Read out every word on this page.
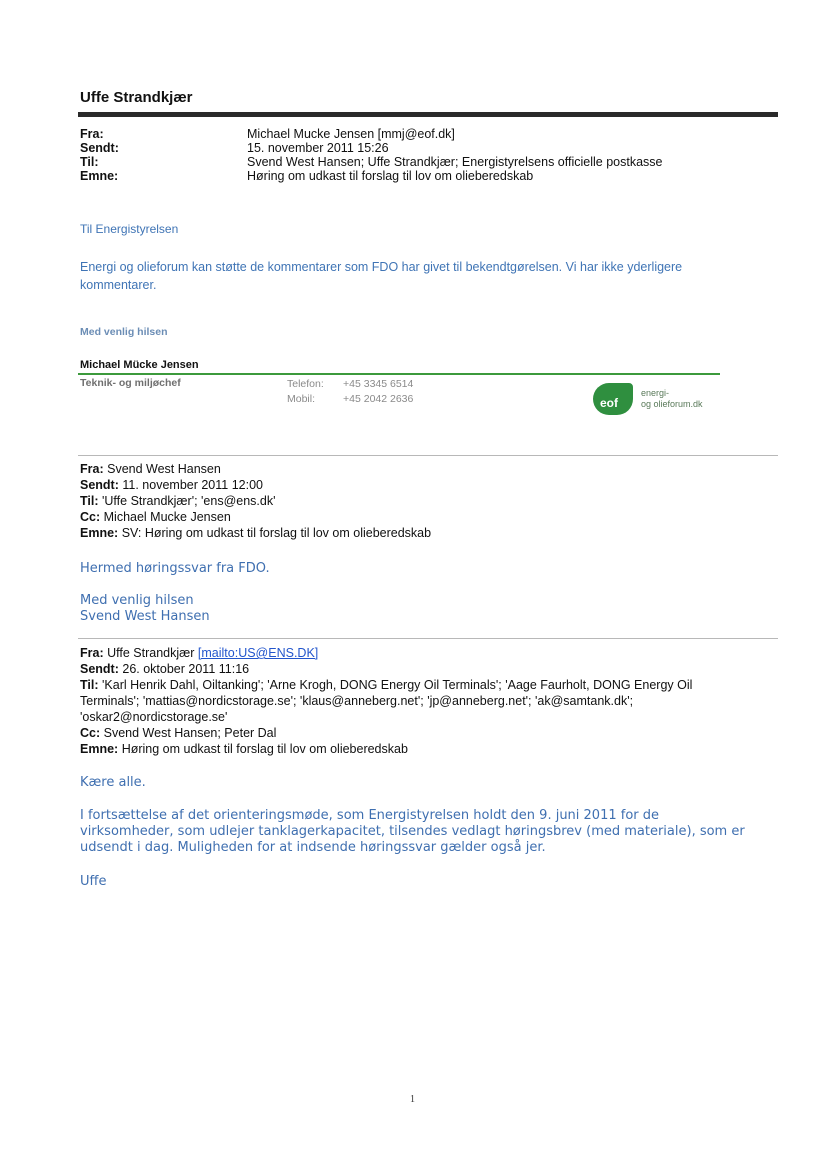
Uffe Strandkjær
Fra:	Michael Mucke Jensen [mmj@eof.dk]
Sendt:	15. november 2011 15:26
Til:	Svend West Hansen; Uffe Strandkjær; Energistyrelsens officielle postkasse
Emne:	Høring om udkast til forslag til lov om olieberedskab
Til Energistyrelsen
Energi og olieforum kan støtte de kommentarer som FDO har givet til bekendtgørelsen. Vi har ikke yderligere
kommentarer.
Med venlig hilsen
Michael Mücke Jensen
Teknik- og miljøchef	Telefon:	+45 3345 6514
Mobil:	+45 2042 2636	eof
energi-
og olieforum.dk
Fra: Svend West Hansen
Sendt: 11. november 2011 12:00
Til: 'Uffe Strandkjær'; 'ens@ens.dk'
Cc: Michael Mucke Jensen
Emne: SV: Høring om udkast til forslag til lov om olieberedskab
Hermed høringssvar fra FDO.
Med venlig hilsen
Svend West Hansen
Fra: Uffe Strandkjær [mailto:US@ENS.DK]
Sendt: 26. oktober 2011 11:16
Til: 'Karl Henrik Dahl, Oiltanking'; 'Arne Krogh, DONG Energy Oil Terminals'; 'Aage Faurholt, DONG Energy Oil
Terminals'; 'mattias@nordicstorage.se'; 'klaus@anneberg.net'; 'jp@anneberg.net'; 'ak@samtank.dk';
'oskar2@nordicstorage.se'
Cc: Svend West Hansen; Peter Dal
Emne: Høring om udkast til forslag til lov om olieberedskab
Kære alle.
I fortsættelse af det orienteringsmøde, som Energistyrelsen holdt den 9. juni 2011 for de
virksomheder, som udlejer tanklagerkapacitet, tilsendes vedlagt høringsbrev (med materiale), som er
udsendt i dag. Muligheden for at indsende høringssvar gælder også jer.
Uffe
1
